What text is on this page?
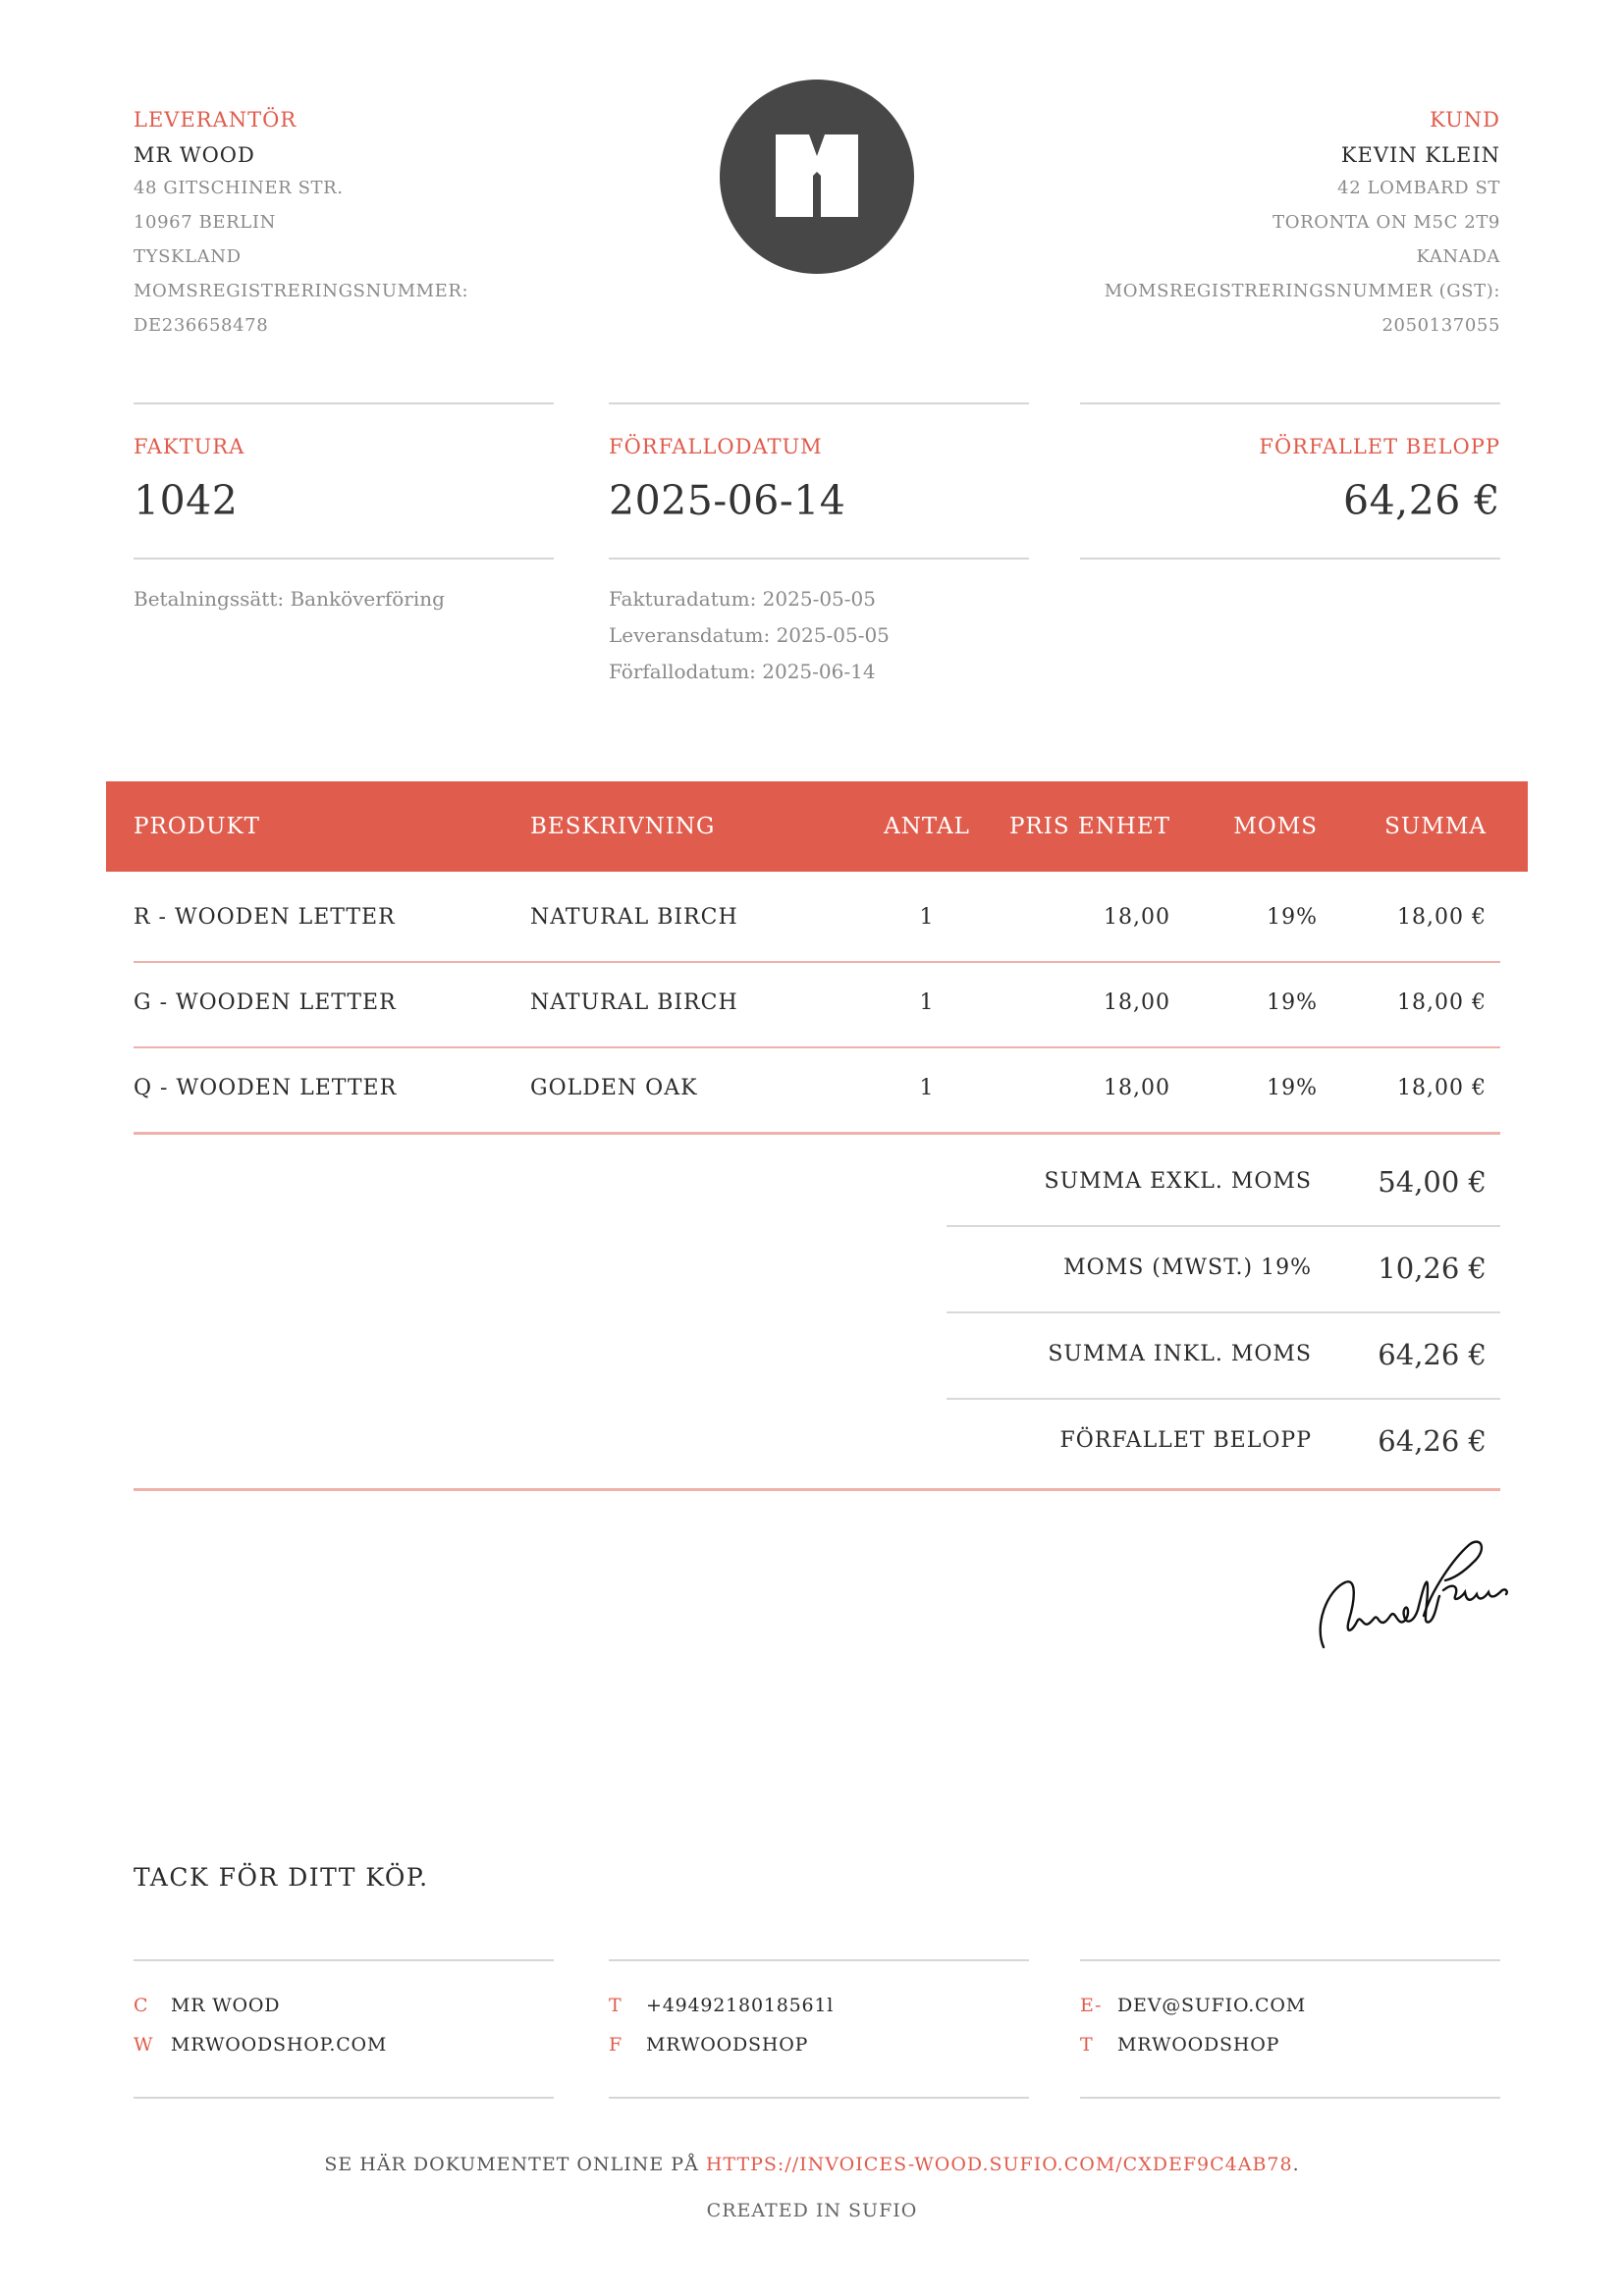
LEVERANTÖR
MR WOOD
48 GITSCHINER STR.
10967 BERLIN
TYSKLAND
MOMSREGISTRERINGSNUMMER:
DE236658478
KUND
KEVIN KLEIN
42 LOMBARD ST
TORONTA ON M5C 2T9
KANADA
MOMSREGISTRERINGSNUMMER (GST):
2050137055
FAKTURA
1042
Betalningssätt: Banköverföring
FÖRFALLODATUM
2025-06-14
Fakturadatum: 2025-05-05
Leveransdatum: 2025-05-05
Förfallodatum: 2025-06-14
FÖRFALLET BELOPP
64,26 €
PRODUKT	BESKRIVNING	ANTAL PRIS ENHET	MOMS	SUMMA
R - WOODEN LETTER	NATURAL BIRCH	1	18,00	19%	18,00 €
G - WOODEN LETTER	NATURAL BIRCH	1	18,00	19%	18,00 €
Q - WOODEN LETTER	GOLDEN OAK	1	18,00	19%	18,00 €
SUMMA EXKL. MOMS 54,00 €
MOMS (MWST.) 19% 10,26 €
SUMMA INKL. MOMS 64,26 €
FÖRFALLET BELOPP 64,26 €
TACK FÖR DITT KÖP.
C MR WOOD
W MRWOODSHOP.COM
T +4949218018561l
F MRWOODSHOP
E- DEV@SUFIO.COM
T MRWOODSHOP
SE HÄR DOKUMENTET ONLINE PÅ HTTPS://INVOICES-WOOD.SUFIO.COM/CXDEF9C4AB78.
CREATED IN SUFIO
